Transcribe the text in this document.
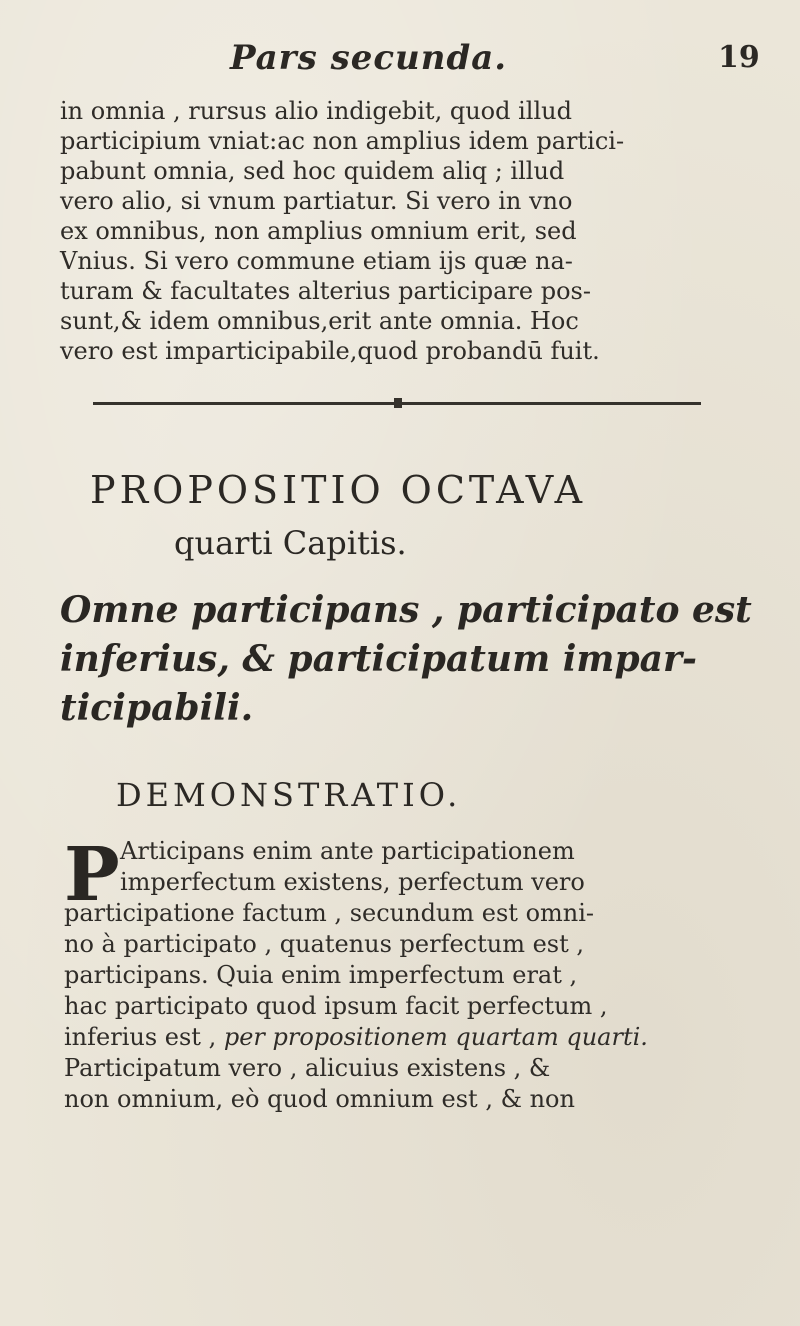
Pars secunda.	19
in omnia , rursus alio indigebit, quod illud
participium vniat:ac non amplius idem partici-
pabunt omnia, sed hoc quidem aliq ; illud
vero alio, si vnum partiatur. Si vero in vno
ex omnibus, non amplius omnium erit, sed
Vnius. Si vero commune etiam ijs quæ na-
turam & facultates alterius participare pos-
sunt,& idem omnibus,erit ante omnia. Hoc
vero est imparticipabile,quod probandū fuit.
PROPOSITIO OCTAVA
quarti Capitis.
Omne participans , participato est
inferius, & participatum impar-
ticipabili.
DEMONSTRATIO.
P Articipans enim ante participationem
imperfectum existens, perfectum vero
participatione factum , secundum est omni-
no à participato , quatenus perfectum est ,
participans. Quia enim imperfectum erat ,
hac participato quod ipsum facit perfectum ,
inferius est , per propositionem quartam quarti.
Participatum vero , alicuius existens , &
non omnium, eò quod omnium est , & non
